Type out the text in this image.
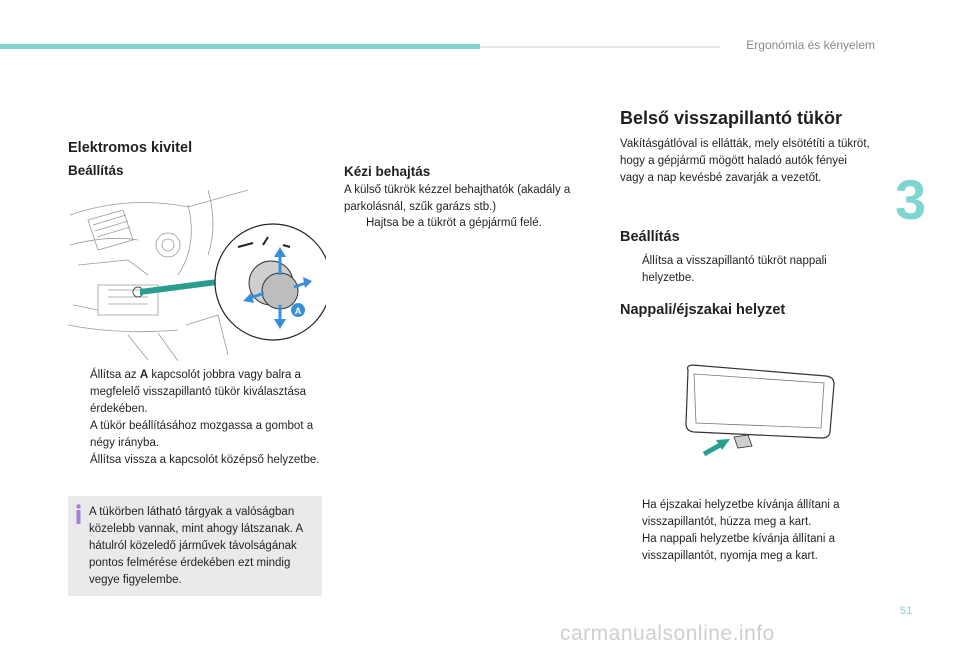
Ergonómia és kényelem
3
Elektromos kivitel
Beállítás
A

Állítsa az A kapcsolót jobbra vagy balra a megfelelő visszapillantó tükör kiválasztása érdekében.

A tükör beállításához mozgassa a gombot a négy irányba.

Állítsa vissza a kapcsolót középső helyzetbe.

A tükörben látható tárgyak a valóságban közelebb vannak, mint ahogy látszanak. A hátulról közeledő járművek távolságának pontos felmérése érdekében ezt mindig vegye figyelembe.
Kézi behajtás

A külső tükrök kézzel behajthatók (akadály a parkolásnál, szűk garázs stb.)

Hajtsa be a tükröt a gépjármű felé.

Belső visszapillantó tükör

Vakításgátlóval is ellátták, mely elsötétíti a tükröt, hogy a gépjármű mögött haladó autók fényei vagy a nap kevésbé zavarják a vezetőt.

Beállítás

Állítsa a visszapillantó tükröt nappali helyzetbe.

Nappali/éjszakai helyzet

Ha éjszakai helyzetbe kívánja állítani a visszapillantót, húzza meg a kart.

Ha nappali helyzetbe kívánja állítani a visszapillantót, nyomja meg a kart.

51
carmanualsonline.info
